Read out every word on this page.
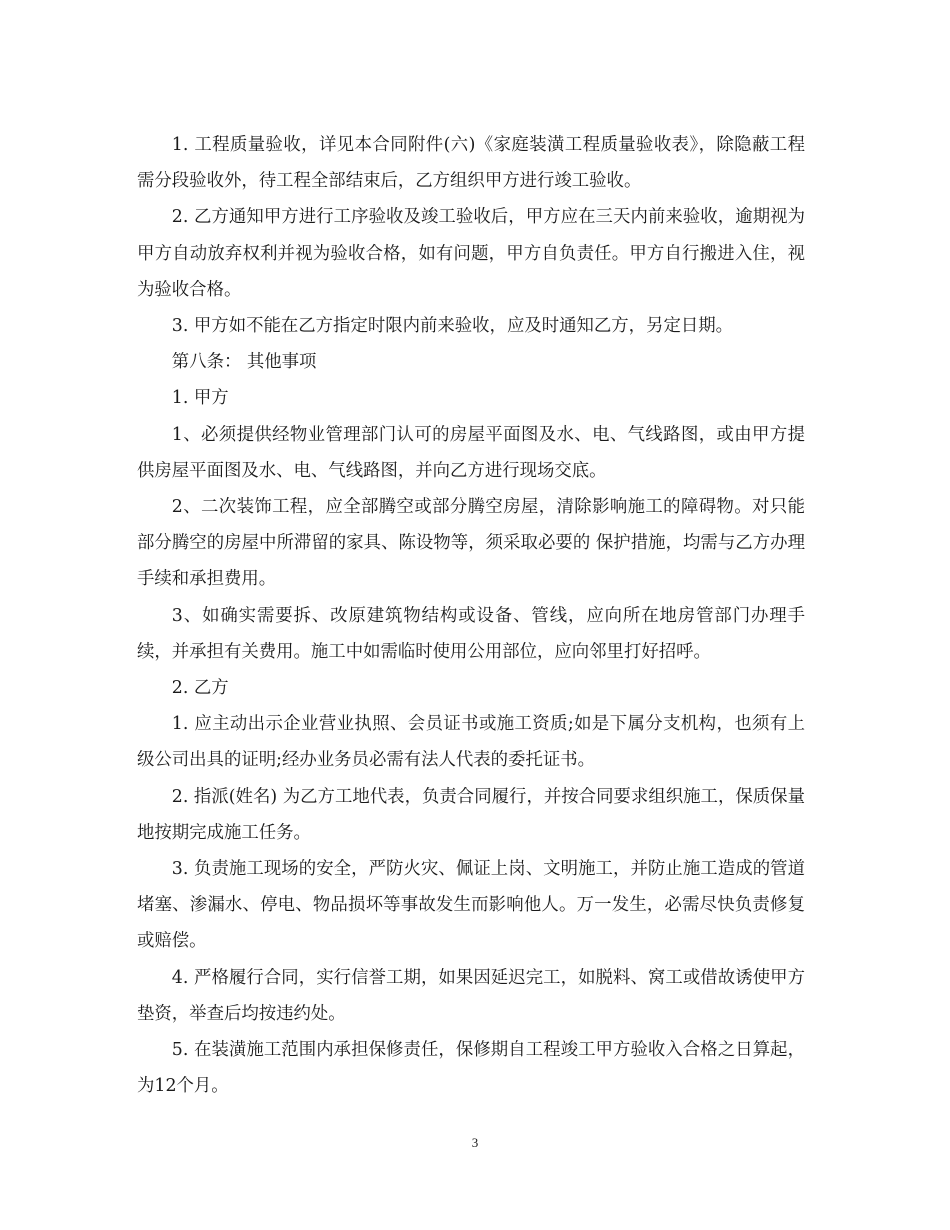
1. 工程质量验收，详见本合同附件(六)《家庭装潢工程质量验收表》，除隐蔽工程需分段验收外，待工程全部结束后，乙方组织甲方进行竣工验收。

2. 乙方通知甲方进行工序验收及竣工验收后，甲方应在三天内前来验收，逾期视为甲方自动放弃权利并视为验收合格，如有问题，甲方自负责任。甲方自行搬进入住，视为验收合格。

3. 甲方如不能在乙方指定时限内前来验收，应及时通知乙方，另定日期。

第八条： 其他事项

1. 甲方

1、必须提供经物业管理部门认可的房屋平面图及水、电、气线路图，或由甲方提供房屋平面图及水、电、气线路图，并向乙方进行现场交底。

2、二次装饰工程，应全部腾空或部分腾空房屋，清除影响施工的障碍物。对只能部分腾空的房屋中所滞留的家具、陈设物等，须采取必要的 保护措施，均需与乙方办理手续和承担费用。

3、如确实需要拆、改原建筑物结构或设备、管线，应向所在地房管部门办理手续，并承担有关费用。施工中如需临时使用公用部位，应向邻里打好招呼。

2. 乙方

1. 应主动出示企业营业执照、会员证书或施工资质;如是下属分支机构，也须有上级公司出具的证明;经办业务员必需有法人代表的委托证书。

2. 指派(姓名) 为乙方工地代表，负责合同履行，并按合同要求组织施工，保质保量地按期完成施工任务。

3. 负责施工现场的安全，严防火灾、佩证上岗、文明施工，并防止施工造成的管道堵塞、渗漏水、停电、物品损坏等事故发生而影响他人。万一发生，必需尽快负责修复或赔偿。

4. 严格履行合同，实行信誉工期，如果因延迟完工，如脱料、窝工或借故诱使甲方垫资，举查后均按违约处。

5. 在装潢施工范围内承担保修责任，保修期自工程竣工甲方验收入合格之日算起，为12个月。

3
